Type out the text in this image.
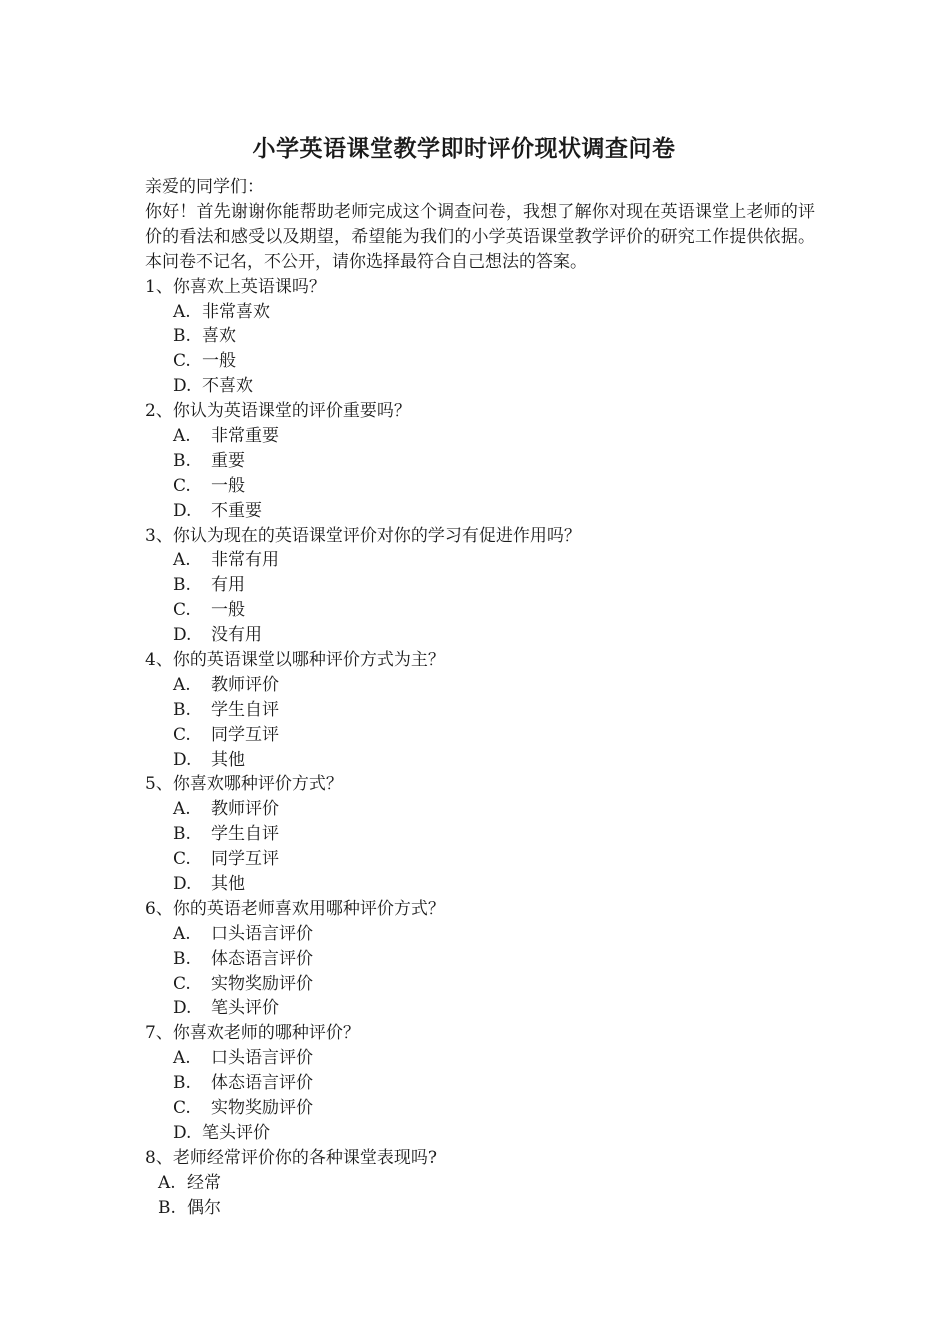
小学英语课堂教学即时评价现状调查问卷
亲爱的同学们：
你好！首先谢谢你能帮助老师完成这个调查问卷，我想了解你对现在英语课堂上老师的评价的看法和感受以及期望，希望能为我们的小学英语课堂教学评价的研究工作提供依据。本问卷不记名，不公开，请你选择最符合自己想法的答案。
1、你喜欢上英语课吗？
A. 非常喜欢
B. 喜欢
C. 一般
D. 不喜欢
2、你认为英语课堂的评价重要吗？
A. 非常重要
B. 重要
C. 一般
D. 不重要
3、你认为现在的英语课堂评价对你的学习有促进作用吗？
A. 非常有用
B. 有用
C. 一般
D. 没有用
4、你的英语课堂以哪种评价方式为主？
A. 教师评价
B. 学生自评
C. 同学互评
D. 其他
5、你喜欢哪种评价方式？
A. 教师评价
B. 学生自评
C. 同学互评
D. 其他
6、你的英语老师喜欢用哪种评价方式？
A. 口头语言评价
B. 体态语言评价
C. 实物奖励评价
D. 笔头评价
7、你喜欢老师的哪种评价？
A. 口头语言评价
B. 体态语言评价
C. 实物奖励评价
D. 笔头评价
8、老师经常评价你的各种课堂表现吗?
A. 经常
B. 偶尔
